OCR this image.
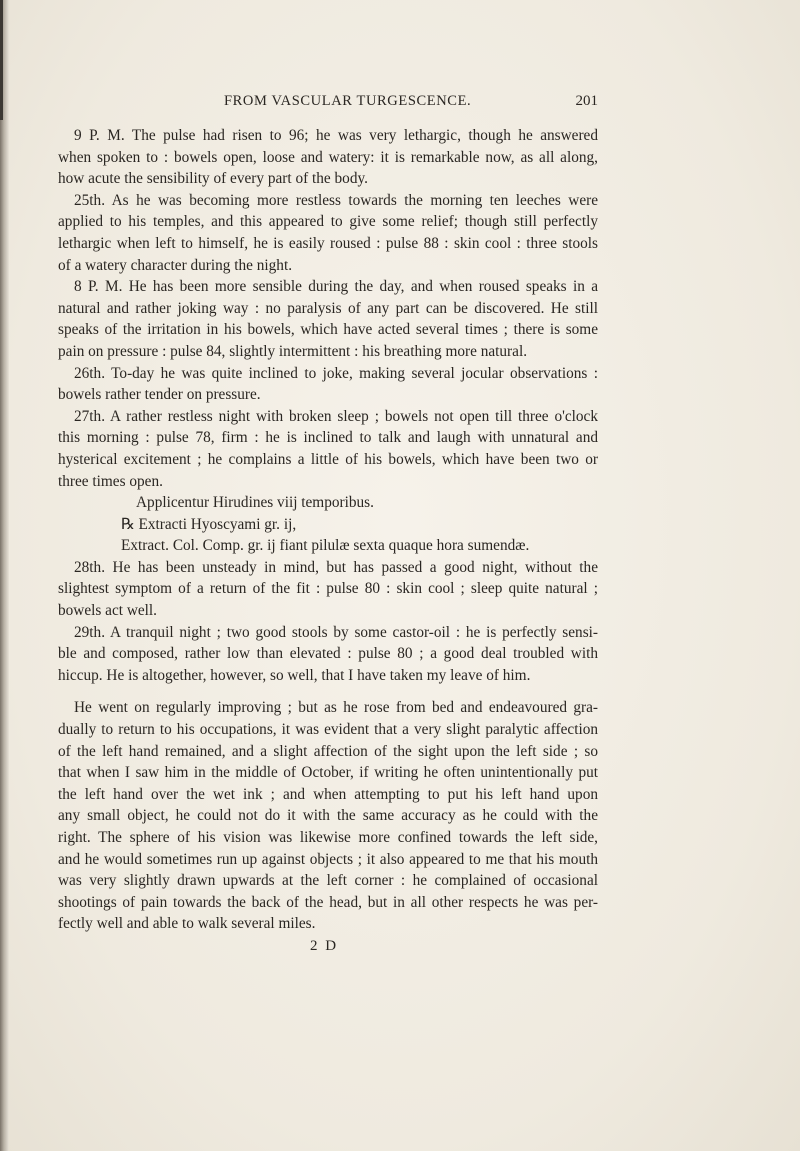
FROM VASCULAR TURGESCENCE.	201
9 P. M. The pulse had risen to 96; he was very lethargic, though he answered
when spoken to : bowels open, loose and watery: it is remarkable now, as all along,
how acute the sensibility of every part of the body.
25th. As he was becoming more restless towards the morning ten leeches were
applied to his temples, and this appeared to give some relief; though still perfectly
lethargic when left to himself, he is easily roused : pulse 88 : skin cool : three stools
of a watery character during the night.
8 P. M. He has been more sensible during the day, and when roused speaks in a
natural and rather joking way : no paralysis of any part can be discovered. He still
speaks of the irritation in his bowels, which have acted several times ; there is some
pain on pressure : pulse 84, slightly intermittent : his breathing more natural.
26th. To-day he was quite inclined to joke, making several jocular observations :
bowels rather tender on pressure.
27th. A rather restless night with broken sleep ; bowels not open till three o'clock
this morning : pulse 78, firm : he is inclined to talk and laugh with unnatural and
hysterical excitement ; he complains a little of his bowels, which have been two or
three times open.
Applicentur Hirudines viij temporibus.
℞ Extracti Hyoscyami gr. ij,
Extract. Col. Comp. gr. ij fiant pilulæ sexta quaque hora sumendæ.
28th. He has been unsteady in mind, but has passed a good night, without the
slightest symptom of a return of the fit : pulse 80 : skin cool ; sleep quite natural ;
bowels act well.
29th. A tranquil night ; two good stools by some castor-oil : he is perfectly sensi-
ble and composed, rather low than elevated : pulse 80 ; a good deal troubled with
hiccup. He is altogether, however, so well, that I have taken my leave of him.
He went on regularly improving ; but as he rose from bed and endeavoured gra-
dually to return to his occupations, it was evident that a very slight paralytic affection
of the left hand remained, and a slight affection of the sight upon the left side ; so
that when I saw him in the middle of October, if writing he often unintentionally put
the left hand over the wet ink ; and when attempting to put his left hand upon
any small object, he could not do it with the same accuracy as he could with the
right. The sphere of his vision was likewise more confined towards the left side,
and he would sometimes run up against objects ; it also appeared to me that his mouth
was very slightly drawn upwards at the left corner : he complained of occasional
shootings of pain towards the back of the head, but in all other respects he was per-
fectly well and able to walk several miles.
2 D
